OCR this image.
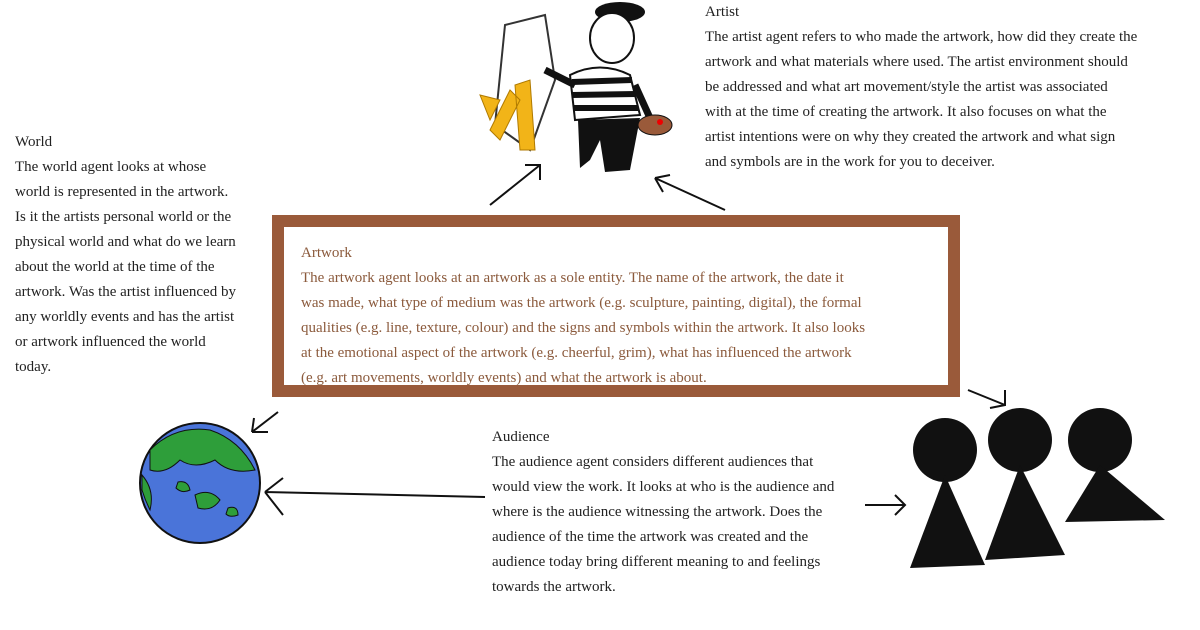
Artist
The artist agent refers to who made the artwork, how did they create the
artwork and what materials where used. The artist environment should
be addressed and what art movement/style the artist was associated
with at the time of creating the artwork. It also focuses on what the
artist intentions were on why they created the artwork and what sign
and symbols are in the work for you to deceiver.
World
The world agent looks at whose
world is represented in the artwork.
Is it the artists personal world or the
physical world and what do we learn
about the world at the time of the
artwork. Was the artist influenced by
any worldly events and has the artist
or artwork influenced the world
today.
Artwork
The artwork agent looks at an artwork as a sole entity. The name of the artwork, the date it
was made, what type of medium was the artwork (e.g. sculpture, painting, digital), the formal
qualities (e.g. line, texture, colour) and the signs and symbols within the artwork. It also looks
at the emotional aspect of the artwork (e.g. cheerful, grim), what has influenced the artwork
(e.g. art movements, worldly events) and what the artwork is about.
Audience
The audience agent considers different audiences that
would view the work. It looks at who is the audience and
where is the audience witnessing the artwork. Does the
audience of the time the artwork was created and the
audience today bring different meaning to and feelings
towards the artwork.
